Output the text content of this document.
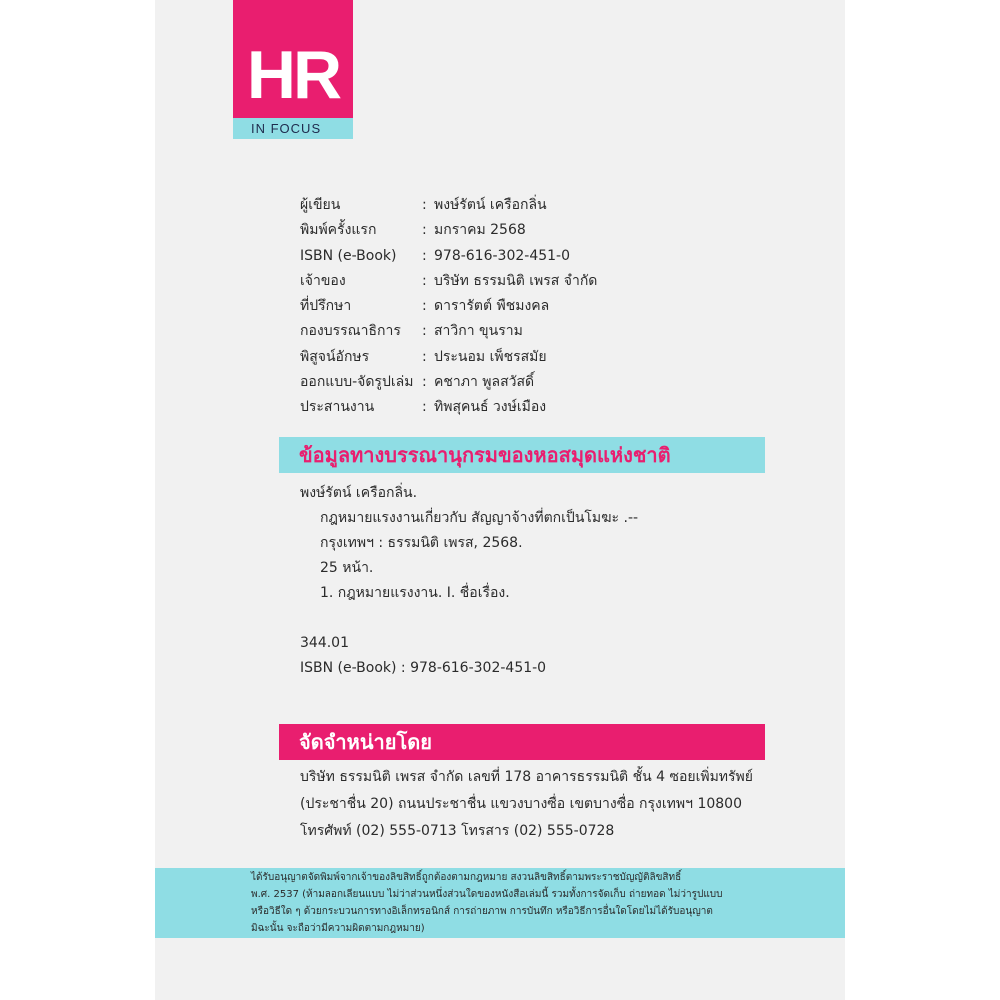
HR
IN FOCUS
ผู้เขียน	: พงษ์รัตน์ เครือกลิ่น
พิมพ์ครั้งแรก	: มกราคม 2568
ISBN (e-Book) : 978-616-302-451-0
เจ้าของ	: บริษัท ธรรมนิติ เพรส จำกัด
ที่ปรึกษา	: ดารารัตต์ พืชมงคล
กองบรรณาธิการ : สาวิกา ขุนราม
พิสูจน์อักษร	: ประนอม เพ็ชรสมัย
ออกแบบ-จัดรูปเล่ม : คชาภา พูลสวัสดิ์
ประสานงาน	: ทิพสุคนธ์ วงษ์เมือง
ข้อมูลทางบรรณานุกรมของหอสมุดแห่งชาติ
พงษ์รัตน์ เครือกลิ่น.
กฎหมายแรงงานเกี่ยวกับ สัญญาจ้างที่ตกเป็นโมฆะ .--
กรุงเทพฯ : ธรรมนิติ เพรส, 2568.
25 หน้า.
1. กฎหมายแรงงาน. I. ชื่อเรื่อง.
344.01
ISBN (e-Book) : 978-616-302-451-0
จัดจำหน่ายโดย
บริษัท ธรรมนิติ เพรส จำกัด เลขที่ 178 อาคารธรรมนิติ ชั้น 4 ซอยเพิ่มทรัพย์
(ประชาชื่น 20) ถนนประชาชื่น แขวงบางซื่อ เขตบางซื่อ กรุงเทพฯ 10800
โทรศัพท์ (02) 555-0713 โทรสาร (02) 555-0728
ได้รับอนุญาตจัดพิมพ์จากเจ้าของลิขสิทธิ์ถูกต้องตามกฎหมาย สงวนลิขสิทธิ์ตามพระราชบัญญัติลิขสิทธิ์
พ.ศ. 2537 (ห้ามลอกเลียนแบบ ไม่ว่าส่วนหนึ่งส่วนใดของหนังสือเล่มนี้ รวมทั้งการจัดเก็บ ถ่ายทอด ไม่ว่ารูปแบบ
หรือวิธีใด ๆ ด้วยกระบวนการทางอิเล็กทรอนิกส์ การถ่ายภาพ การบันทึก หรือวิธีการอื่นใดโดยไม่ได้รับอนุญาต
มิฉะนั้น จะถือว่ามีความผิดตามกฎหมาย)
